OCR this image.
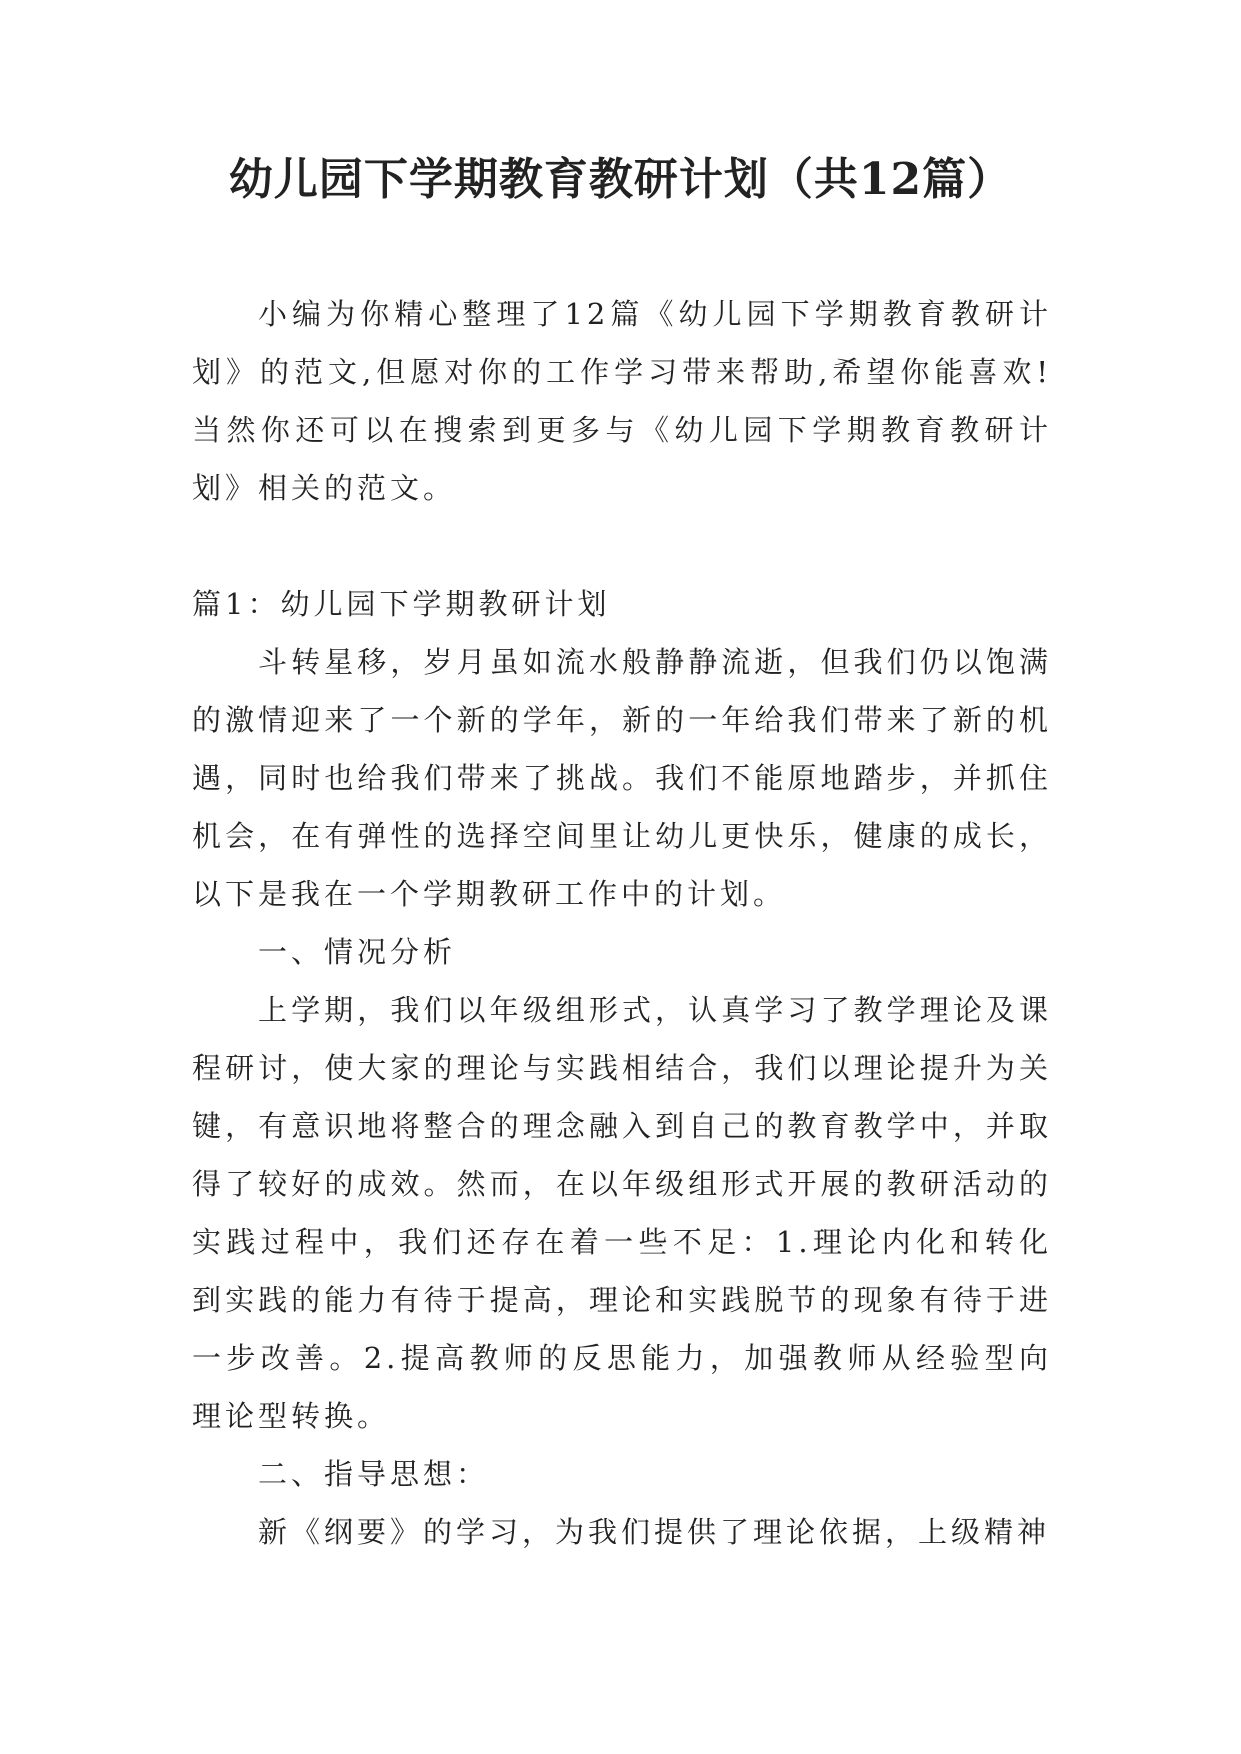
幼儿园下学期教育教研计划（共12篇）

小编为你精心整理了12篇《幼儿园下学期教育教研计划》的范文,但愿对你的工作学习带来帮助,希望你能喜欢!当然你还可以在搜索到更多与《幼儿园下学期教育教研计划》相关的范文。

篇1：幼儿园下学期教研计划

斗转星移，岁月虽如流水般静静流逝，但我们仍以饱满的激情迎来了一个新的学年，新的一年给我们带来了新的机遇，同时也给我们带来了挑战。我们不能原地踏步，并抓住机会，在有弹性的选择空间里让幼儿更快乐，健康的成长，以下是我在一个学期教研工作中的计划。

一、情况分析

上学期，我们以年级组形式，认真学习了教学理论及课程研讨，使大家的理论与实践相结合，我们以理论提升为关键，有意识地将整合的理念融入到自己的教育教学中，并取得了较好的成效。然而，在以年级组形式开展的教研活动的实践过程中，我们还存在着一些不足：1.理论内化和转化到实践的能力有待于提高，理论和实践脱节的现象有待于进一步改善。2.提高教师的反思能力，加强教师从经验型向理论型转换。

二、指导思想：

新《纲要》的学习，为我们提供了理论依据，上级精神
